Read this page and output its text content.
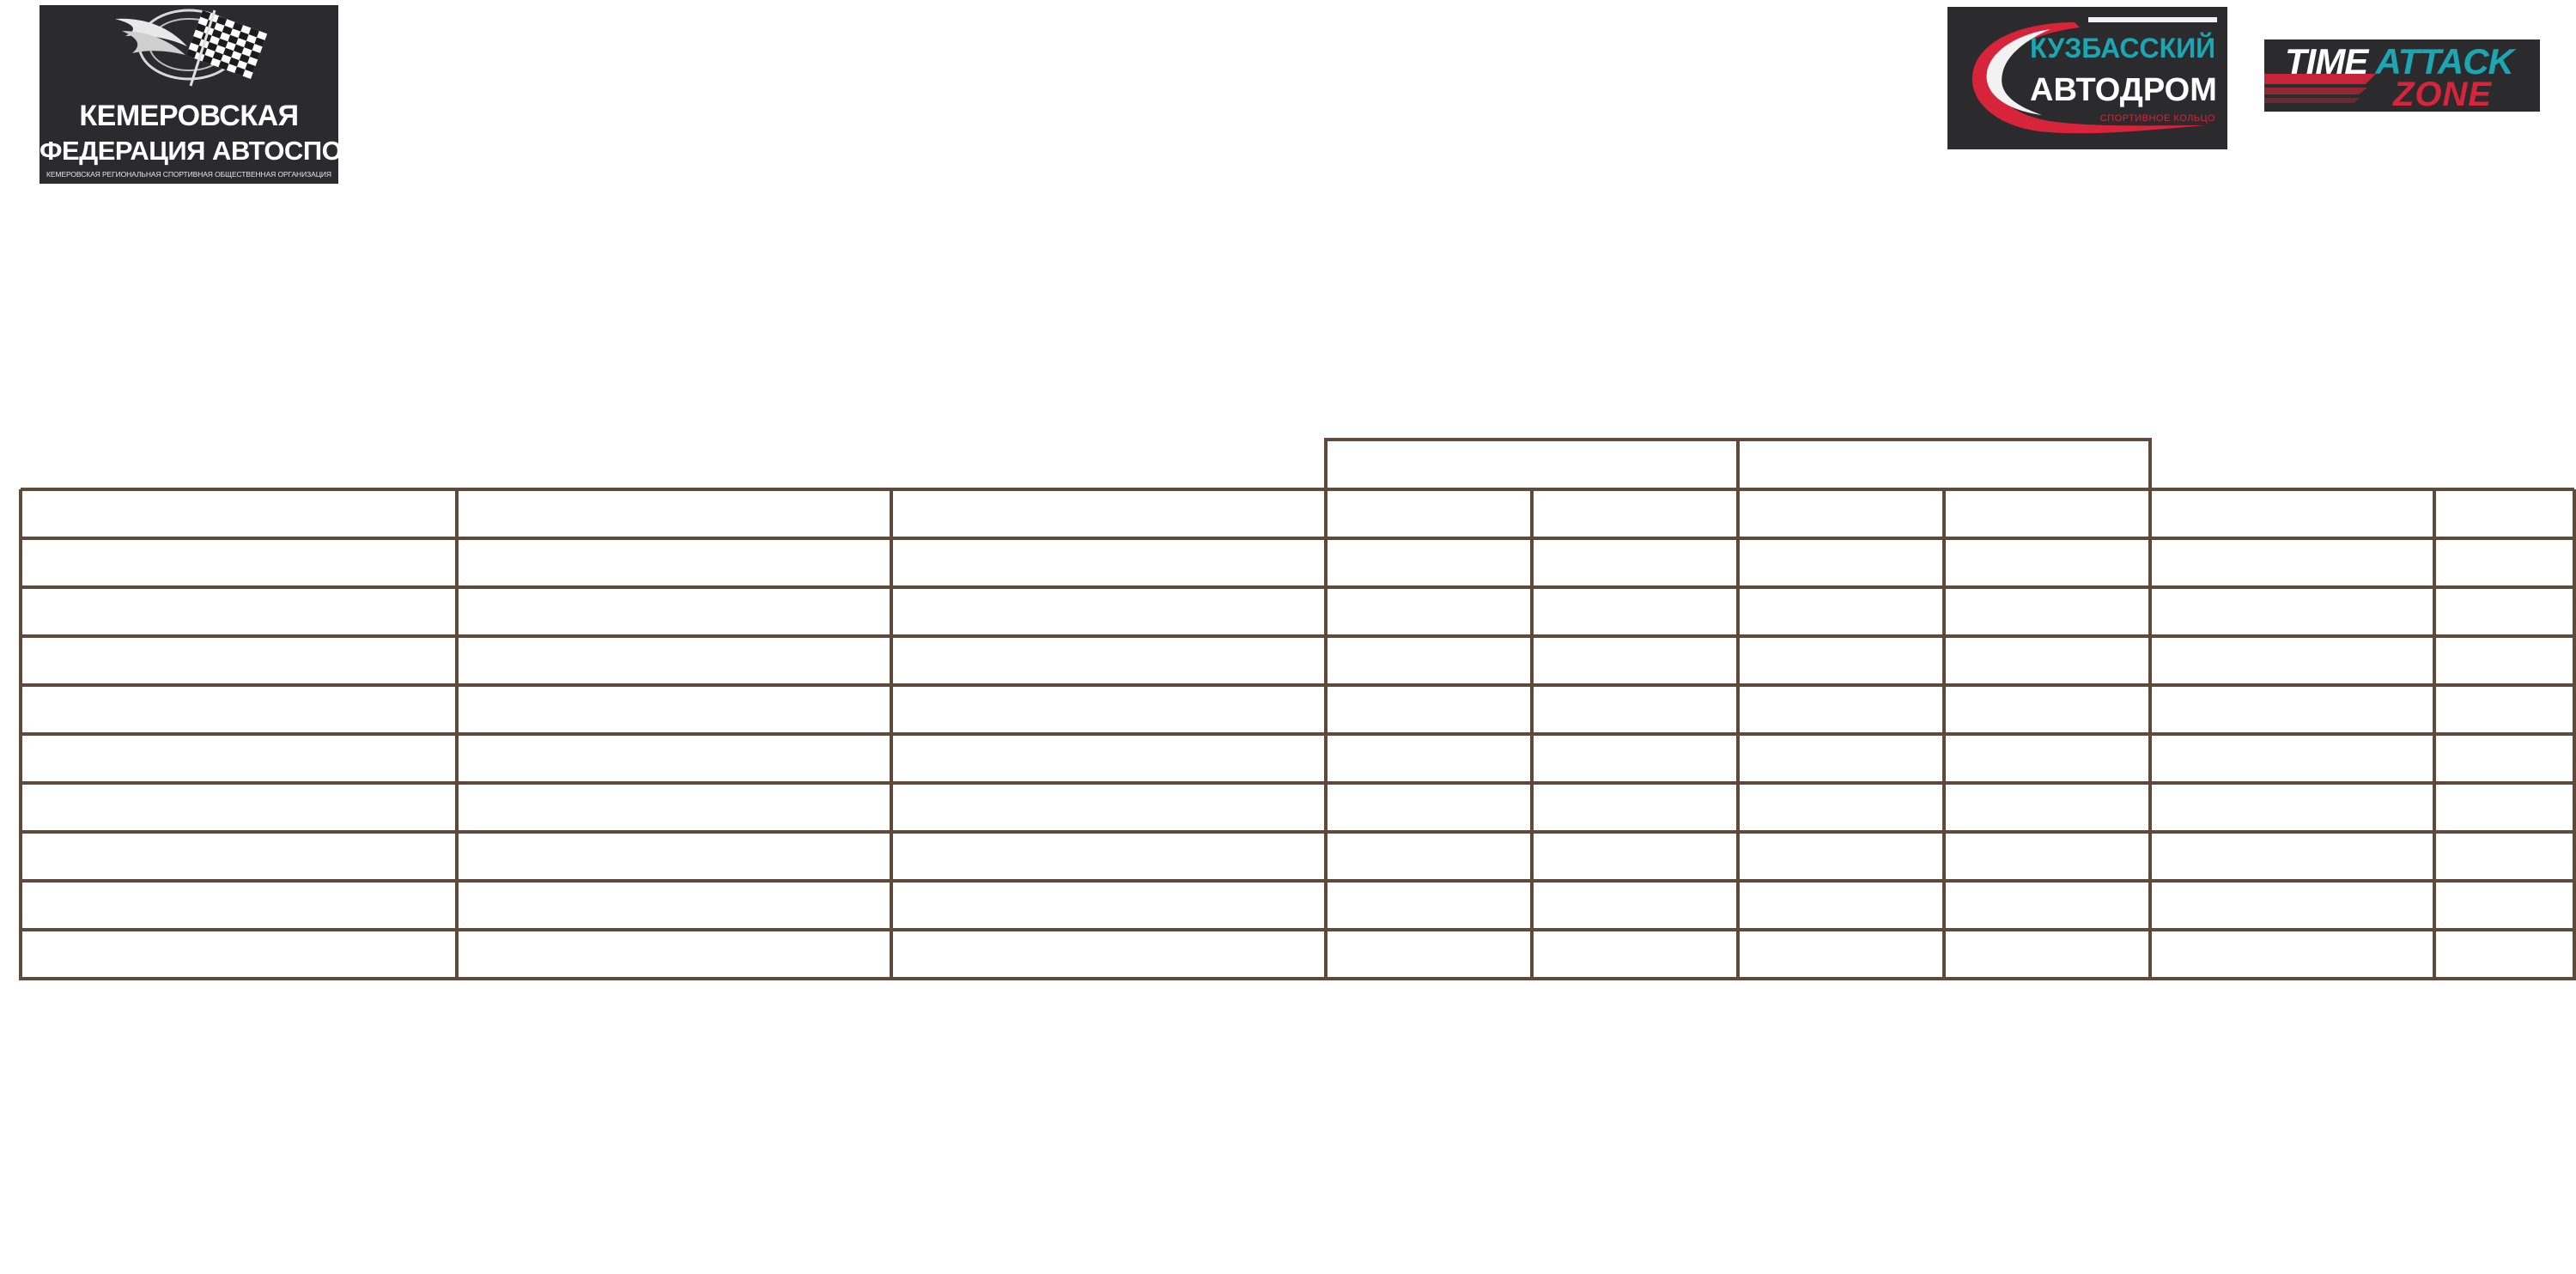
КЕМЕРОВСКАЯ
ФЕДЕРАЦИЯ АВТОСПОРТА
КЕМЕРОВСКАЯ РЕГИОНАЛЬНАЯ СПОРТИВНАЯ ОБЩЕСТВЕННАЯ ОРГАНИЗАЦИЯ
КУЗБАССКИЙ
АВТОДРОМ
СПОРТИВНОЕ КОЛЬЦО
TIME ATTACK
ZONE
